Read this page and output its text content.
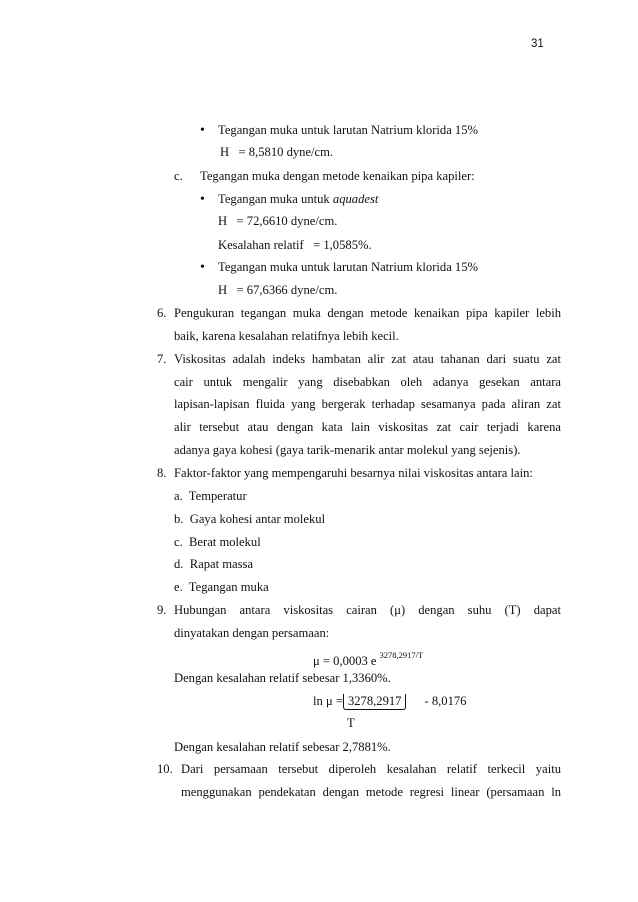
31
• Tegangan muka untuk larutan Natrium klorida 15%
H   = 8,5810 dyne/cm.
c. Tegangan muka dengan metode kenaikan pipa kapiler:
• Tegangan muka untuk aquadest
H   = 72,6610 dyne/cm.
Kesalahan relatif   = 1,0585%.
• Tegangan muka untuk larutan Natrium klorida 15%
H   = 67,6366 dyne/cm.
6. Pengukuran tegangan muka dengan metode kenaikan pipa kapiler lebih
baik, karena kesalahan relatifnya lebih kecil.
7. Viskositas adalah indeks hambatan alir zat atau tahanan dari suatu zat
cair untuk mengalir yang disebabkan oleh adanya gesekan antara
lapisan-lapisan fluida yang bergerak terhadap sesamanya pada aliran zat
alir tersebut atau dengan kata lain viskositas zat cair terjadi karena
adanya gaya kohesi (gaya tarik-menarik antar molekul yang sejenis).
8. Faktor-faktor yang mempengaruhi besarnya nilai viskositas antara lain:
a.  Temperatur
b.  Gaya kohesi antar molekul
c.  Berat molekul
d.  Rapat massa
e.  Tegangan muka
9. Hubungan antara viskositas cairan (μ) dengan suhu (T) dapat
dinyatakan dengan persamaan:
μ = 0,0003 e $^{3278,2917/T}$
Dengan kesalahan relatif sebesar 1,3360%.
ln μ = 3278,2917 - 8,0176
T
Dengan kesalahan relatif sebesar 2,7881%.
10. Dari persamaan tersebut diperoleh kesalahan relatif terkecil yaitu
menggunakan pendekatan dengan metode regresi linear (persamaan ln
